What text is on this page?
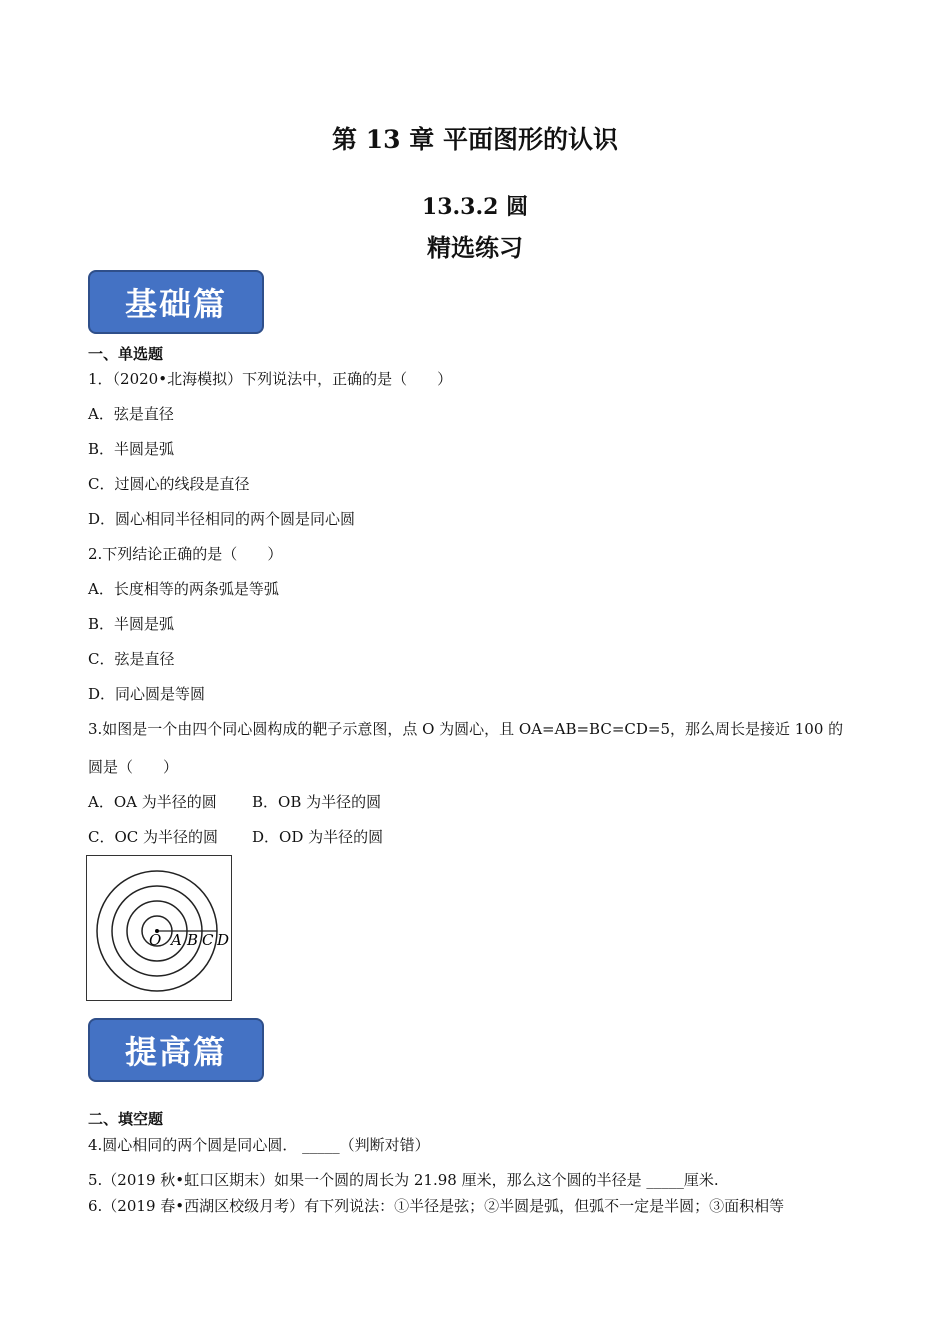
第 13 章 平面图形的认识
13.3.2 圆
精选练习
基础篇
一、单选题
1．（2020•北海模拟）下列说法中，正确的是（　　）
A．弦是直径
B．半圆是弧
C．过圆心的线段是直径
D．圆心相同半径相同的两个圆是同心圆
2.下列结论正确的是（　　）
A．长度相等的两条弧是等弧
B．半圆是弧
C．弦是直径
D．同心圆是等圆
3.如图是一个由四个同心圆构成的靶子示意图，点 O 为圆心，且 OA=AB=BC=CD=5，那么周长是接近 100 的
圆是（　　）
A．OA 为半径的圆 B．OB 为半径的圆
C．OC 为半径的圆 D．OD 为半径的圆
O A B C D
提高篇
二、填空题
4.圆心相同的两个圆是同心圆． _____（判断对错）
5.（2019 秋•虹口区期末）如果一个圆的周长为 21.98 厘米，那么这个圆的半径是 _____厘米.
6.（2019 春•西湖区校级月考）有下列说法：①半径是弦；②半圆是弧，但弧不一定是半圆；③面积相等
